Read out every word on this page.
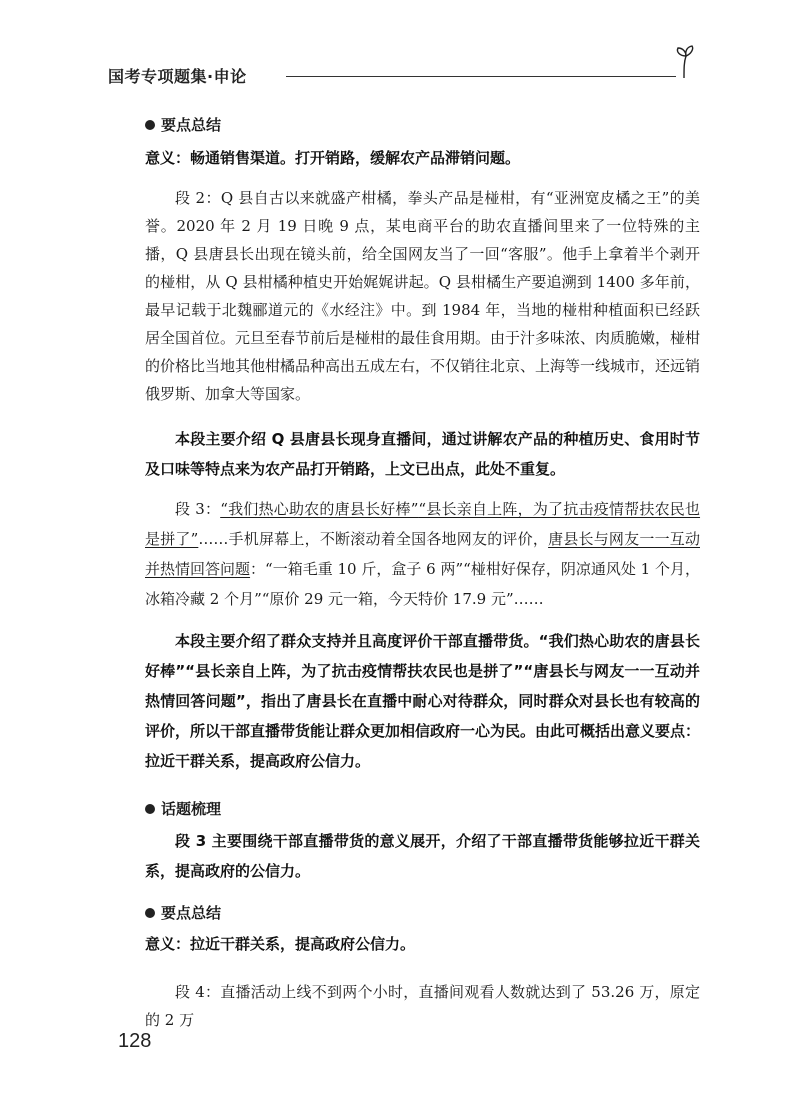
国考专项题集·申论
要点总结
意义：畅通销售渠道。打开销路，缓解农产品滞销问题。

段 2：Q 县自古以来就盛产柑橘，拳头产品是椪柑，有“亚洲宽皮橘之王”的美誉。2020 年 2 月 19 日晚 9 点，某电商平台的助农直播间里来了一位特殊的主播，Q 县唐县长出现在镜头前，给全国网友当了一回“客服”。他手上拿着半个剥开的椪柑，从 Q 县柑橘种植史开始娓娓讲起。Q 县柑橘生产要追溯到 1400 多年前，最早记载于北魏郦道元的《水经注》中。到 1984 年，当地的椪柑种植面积已经跃居全国首位。元旦至春节前后是椪柑的最佳食用期。由于汁多味浓、肉质脆嫩，椪柑的价格比当地其他柑橘品种高出五成左右，不仅销往北京、上海等一线城市，还远销俄罗斯、加拿大等国家。

本段主要介绍 Q 县唐县长现身直播间，通过讲解农产品的种植历史、食用时节及口味等特点来为农产品打开销路，上文已出点，此处不重复。

段 3：“我们热心助农的唐县长好棒”“县长亲自上阵，为了抗击疫情帮扶农民也是拼了”……手机屏幕上，不断滚动着全国各地网友的评价，唐县长与网友一一互动并热情回答问题：“一箱毛重 10 斤，盒子 6 两”“椪柑好保存，阴凉通风处 1 个月，冰箱冷藏 2 个月”“原价 29 元一箱，今天特价 17.9 元”……

本段主要介绍了群众支持并且高度评价干部直播带货。“我们热心助农的唐县长好棒”“县长亲自上阵，为了抗击疫情帮扶农民也是拼了”“唐县长与网友一一互动并热情回答问题”，指出了唐县长在直播中耐心对待群众，同时群众对县长也有较高的评价，所以干部直播带货能让群众更加相信政府一心为民。由此可概括出意义要点：拉近干群关系，提高政府公信力。

话题梳理

段 3 主要围绕干部直播带货的意义展开，介绍了干部直播带货能够拉近干群关系，提高政府的公信力。

要点总结
意义：拉近干群关系，提高政府公信力。

段 4：直播活动上线不到两个小时，直播间观看人数就达到了 53.26 万，原定的 2 万

128
